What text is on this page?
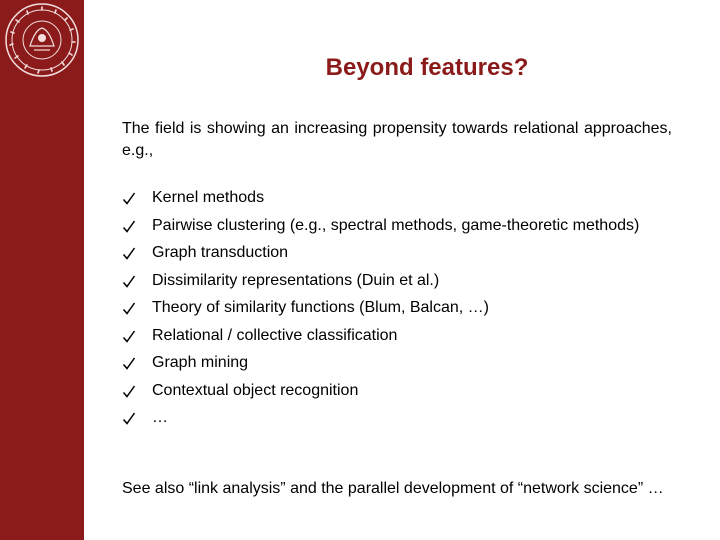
Beyond features?

The field is showing an increasing propensity towards relational approaches, e.g.,

Kernel methods
Pairwise clustering (e.g., spectral methods, game-theoretic methods)
Graph transduction
Dissimilarity representations (Duin et al.)
Theory of similarity functions (Blum, Balcan, …)
Relational / collective classification
Graph mining
Contextual object recognition
…

See also “link analysis” and the parallel development of “network science” …
